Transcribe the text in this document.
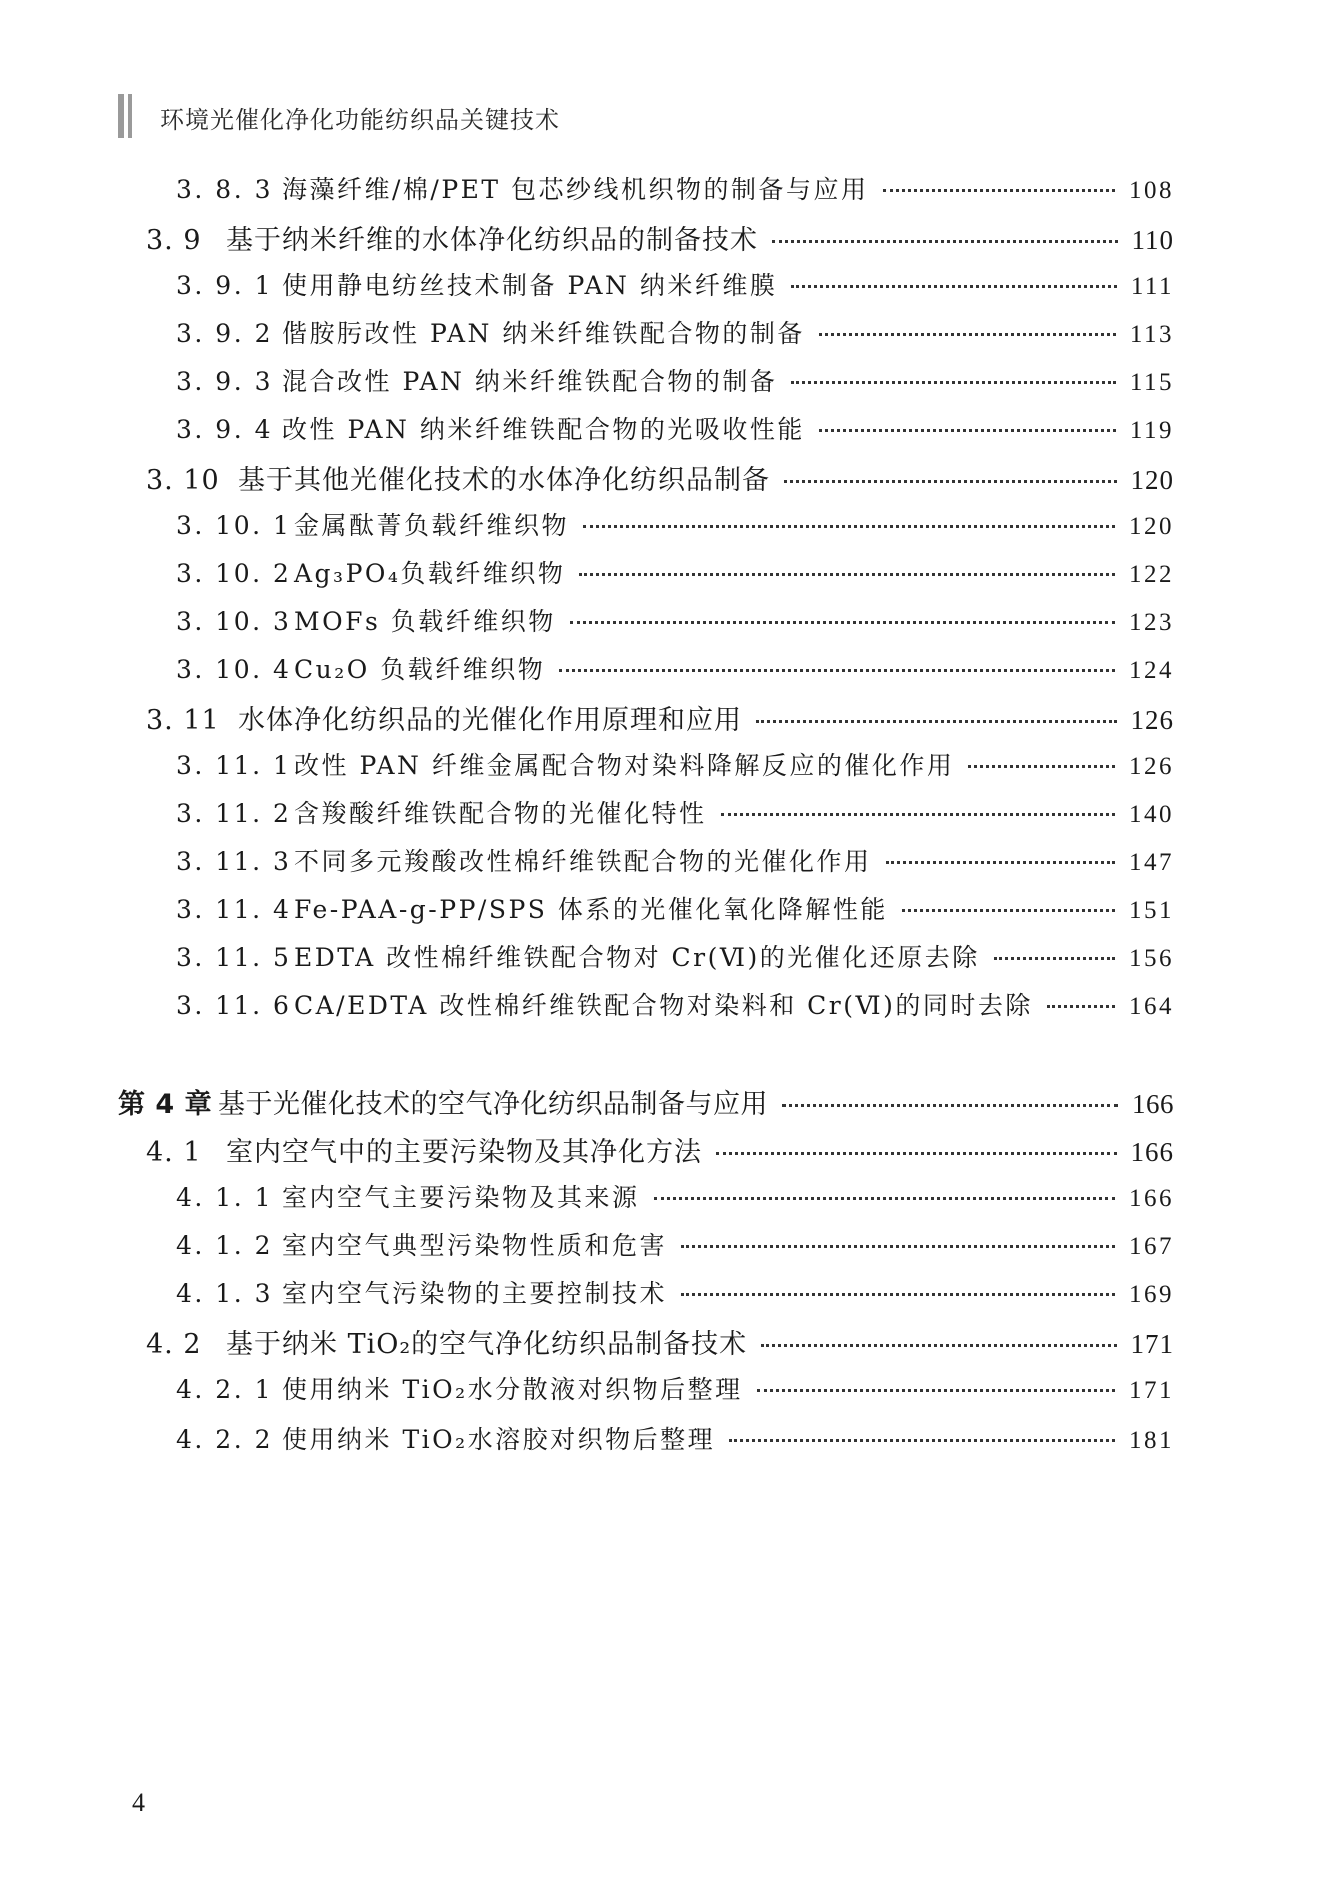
环境光催化净化功能纺织品关键技术
3. 8. 3 海藻纤维/棉/PET 包芯纱线机织物的制备与应用	108
3. 9 基于纳米纤维的水体净化纺织品的制备技术	110
3. 9. 1 使用静电纺丝技术制备 PAN 纳米纤维膜	111
3. 9. 2 偕胺肟改性 PAN 纳米纤维铁配合物的制备	113
3. 9. 3 混合改性 PAN 纳米纤维铁配合物的制备	115
3. 9. 4 改性 PAN 纳米纤维铁配合物的光吸收性能	119
3. 10 基于其他光催化技术的水体净化纺织品制备	120
3. 10. 1 金属酞菁负载纤维织物	120
3. 10. 2 Ag₃PO₄负载纤维织物	122
3. 10. 3 MOFs 负载纤维织物	123
3. 10. 4 Cu₂O 负载纤维织物	124
3. 11 水体净化纺织品的光催化作用原理和应用	126
3. 11. 1 改性 PAN 纤维金属配合物对染料降解反应的催化作用	126
3. 11. 2 含羧酸纤维铁配合物的光催化特性	140
3. 11. 3 不同多元羧酸改性棉纤维铁配合物的光催化作用	147
3. 11. 4 Fe-PAA-g-PP/SPS 体系的光催化氧化降解性能	151
3. 11. 5 EDTA 改性棉纤维铁配合物对 Cr(Ⅵ)的光催化还原去除	156
3. 11. 6 CA/EDTA 改性棉纤维铁配合物对染料和 Cr(Ⅵ)的同时去除	164
第 4 章 基于光催化技术的空气净化纺织品制备与应用	166
4. 1 室内空气中的主要污染物及其净化方法	166
4. 1. 1 室内空气主要污染物及其来源	166
4. 1. 2 室内空气典型污染物性质和危害	167
4. 1. 3 室内空气污染物的主要控制技术	169
4. 2 基于纳米 TiO₂的空气净化纺织品制备技术	171
4. 2. 1 使用纳米 TiO₂水分散液对织物后整理	171
4. 2. 2 使用纳米 TiO₂水溶胶对织物后整理	181
4
